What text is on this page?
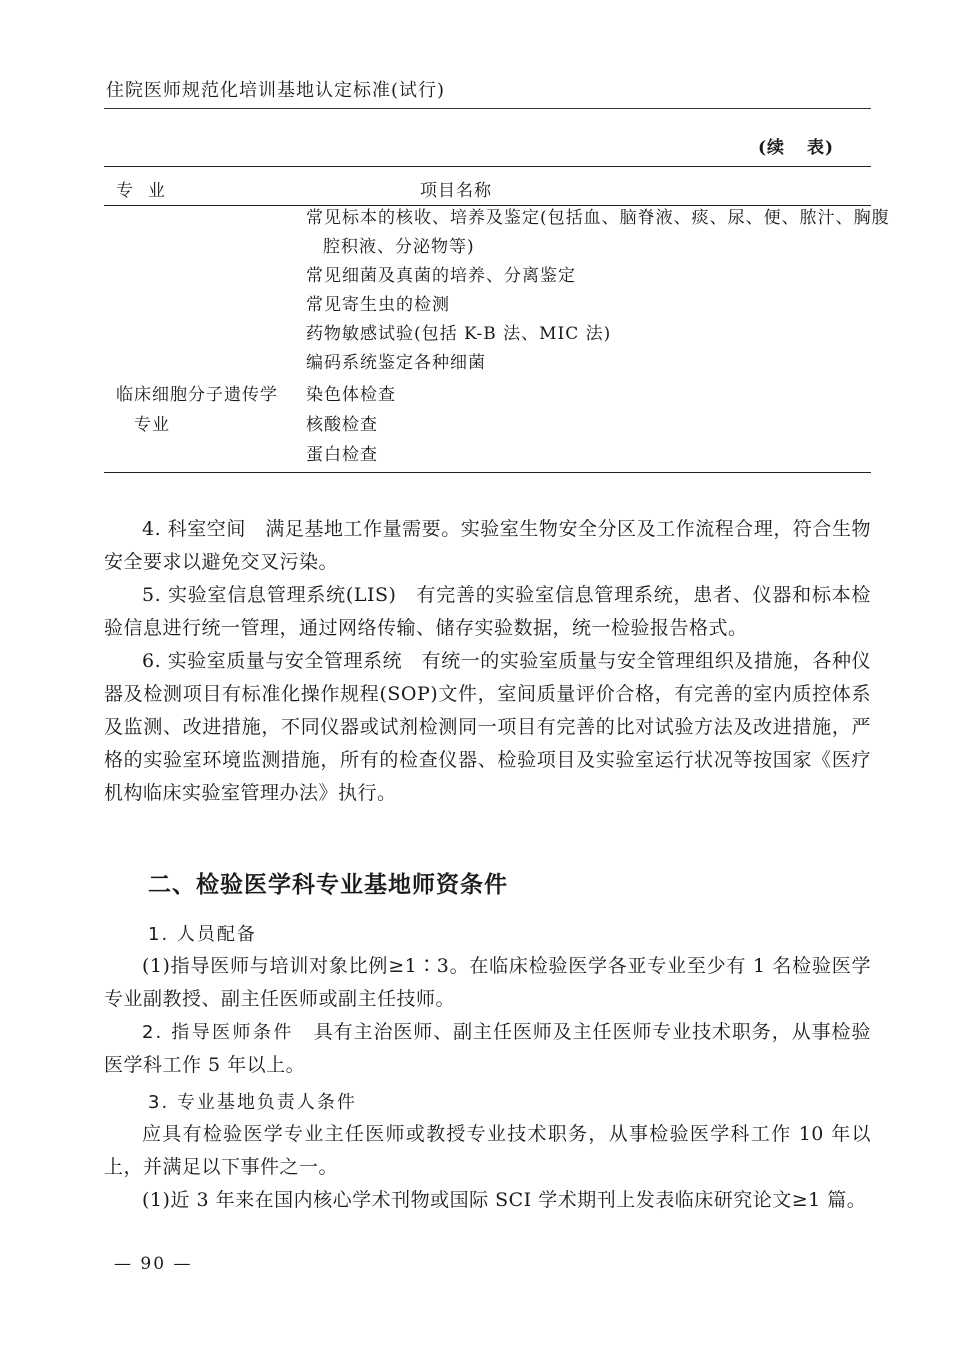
住院医师规范化培训基地认定标准(试行)
(续 表)
专 业	项目名称
常见标本的核收、培养及鉴定(包括血、脑脊液、痰、尿、便、脓汁、胸腹
腔积液、分泌物等)
常见细菌及真菌的培养、分离鉴定
常见寄生虫的检测
药物敏感试验(包括 K-B 法、MIC 法)
编码系统鉴定各种细菌
临床细胞分子遗传学
专业
染色体检查
核酸检查
蛋白检查

4. 科室空间　满足基地工作量需要。实验室生物安全分区及工作流程合理，符合生物安全要求以避免交叉污染。

5. 实验室信息管理系统(LIS)　有完善的实验室信息管理系统，患者、仪器和标本检验信息进行统一管理，通过网络传输、储存实验数据，统一检验报告格式。

6. 实验室质量与安全管理系统　有统一的实验室质量与安全管理组织及措施，各种仪器及检测项目有标准化操作规程(SOP)文件，室间质量评价合格，有完善的室内质控体系及监测、改进措施，不同仪器或试剂检测同一项目有完善的比对试验方法及改进措施，严格的实验室环境监测措施，所有的检查仪器、检验项目及实验室运行状况等按国家《医疗机构临床实验室管理办法》执行。

二、检验医学科专业基地师资条件
1. 人员配备

(1)指导医师与培训对象比例≥1∶3。在临床检验医学各亚专业至少有 1 名检验医学专业副教授、副主任医师或副主任技师。

2. 指导医师条件　具有主治医师、副主任医师及主任医师专业技术职务，从事检验医学科工作 5 年以上。

3. 专业基地负责人条件

应具有检验医学专业主任医师或教授专业技术职务，从事检验医学科工作 10 年以上，并满足以下事件之一。

(1)近 3 年来在国内核心学术刊物或国际 SCI 学术期刊上发表临床研究论文≥1 篇。

— 90 —
